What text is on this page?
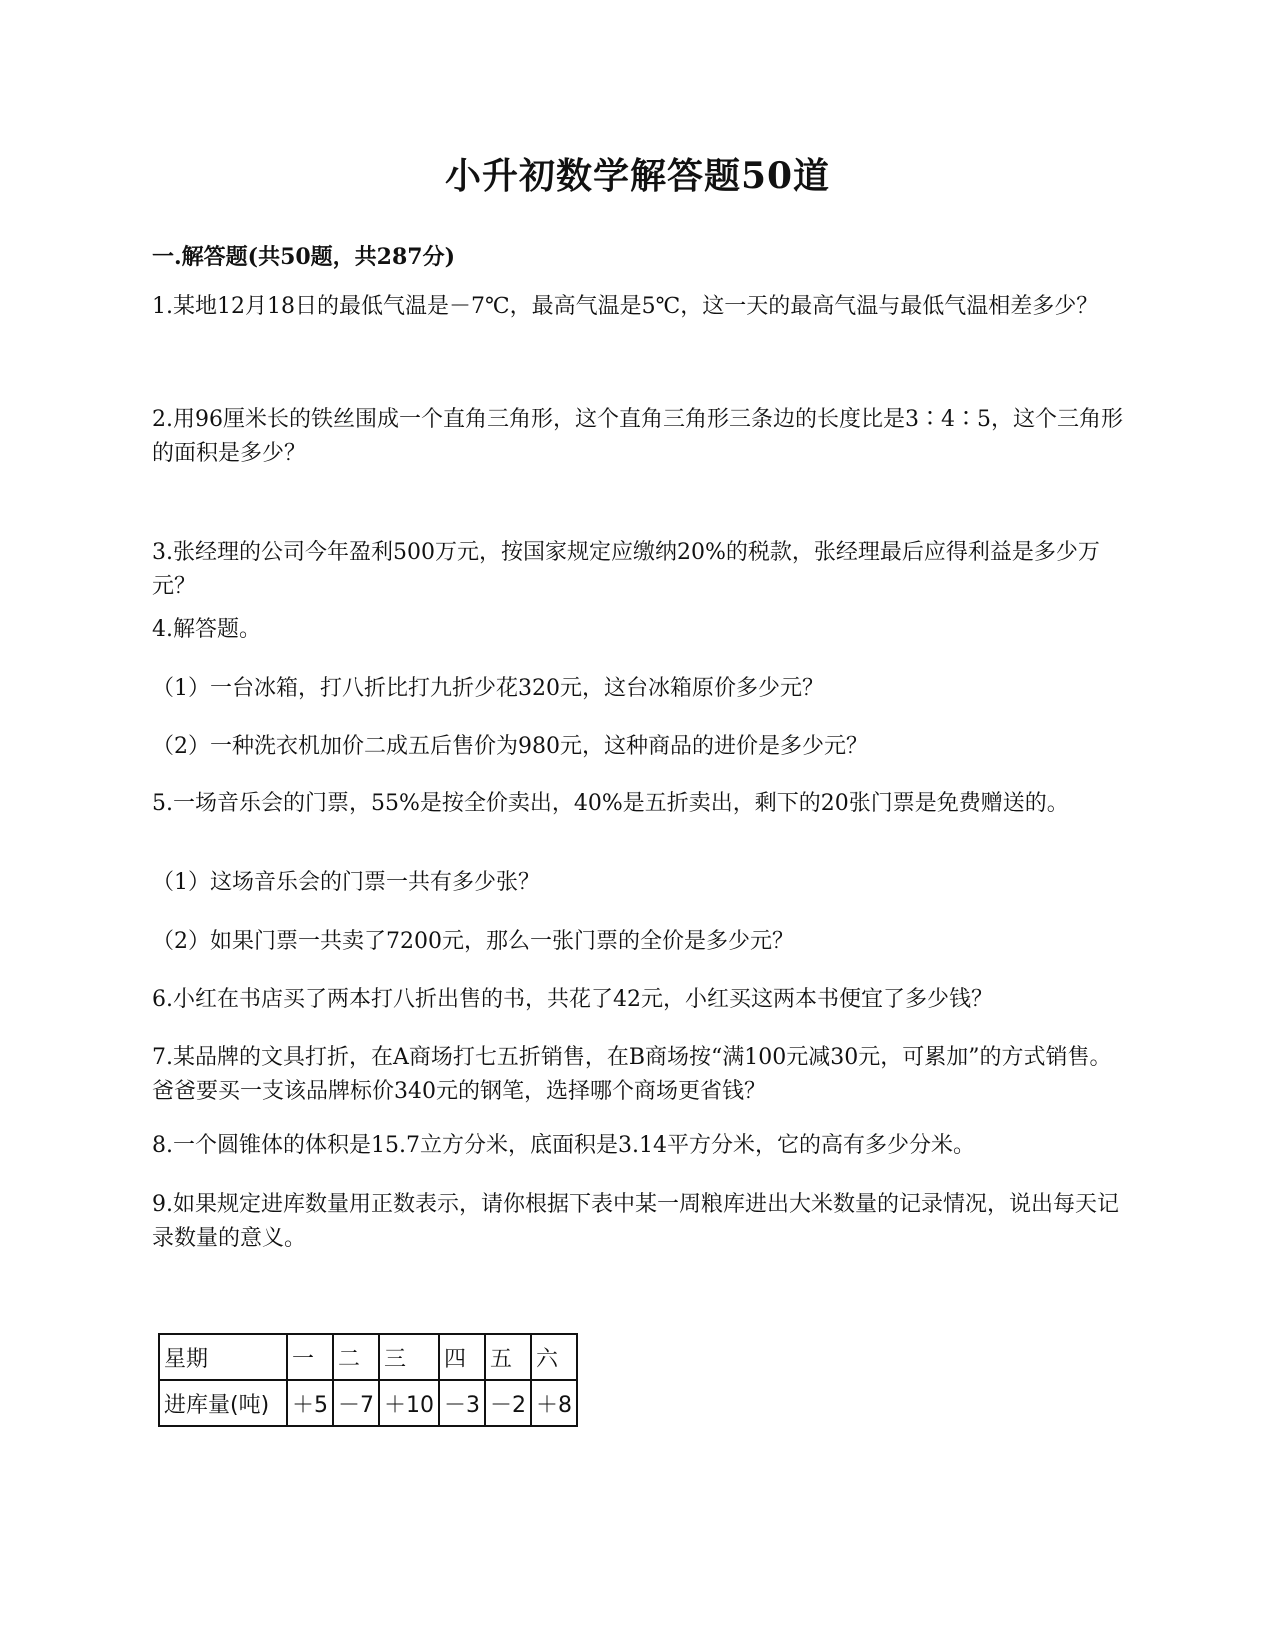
小升初数学解答题50道
一.解答题(共50题，共287分)
1.某地12月18日的最低气温是－7℃，最高气温是5℃，这一天的最高气温与最低气温相差多少？
2.用96厘米长的铁丝围成一个直角三角形，这个直角三角形三条边的长度比是3∶4∶5，这个三角形的面积是多少？
3.张经理的公司今年盈利500万元，按国家规定应缴纳20%的税款，张经理最后应得利益是多少万元？
4.解答题。
（1）一台冰箱，打八折比打九折少花320元，这台冰箱原价多少元？
（2）一种洗衣机加价二成五后售价为980元，这种商品的进价是多少元？
5.一场音乐会的门票，55%是按全价卖出，40%是五折卖出，剩下的20张门票是免费赠送的。
（1）这场音乐会的门票一共有多少张？
（2）如果门票一共卖了7200元，那么一张门票的全价是多少元？
6.小红在书店买了两本打八折出售的书，共花了42元，小红买这两本书便宜了多少钱？
7.某品牌的文具打折，在A商场打七五折销售，在B商场按“满100元减30元，可累加”的方式销售。爸爸要买一支该品牌标价340元的钢笔，选择哪个商场更省钱？
8.一个圆锥体的体积是15.7立方分米，底面积是3.14平方分米，它的高有多少分米。
9.如果规定进库数量用正数表示，请你根据下表中某一周粮库进出大米数量的记录情况，说出每天记录数量的意义。
星期	一	二	三	四	五	六
进库量(吨)	＋5	－7	＋10	－3	－2	＋8
